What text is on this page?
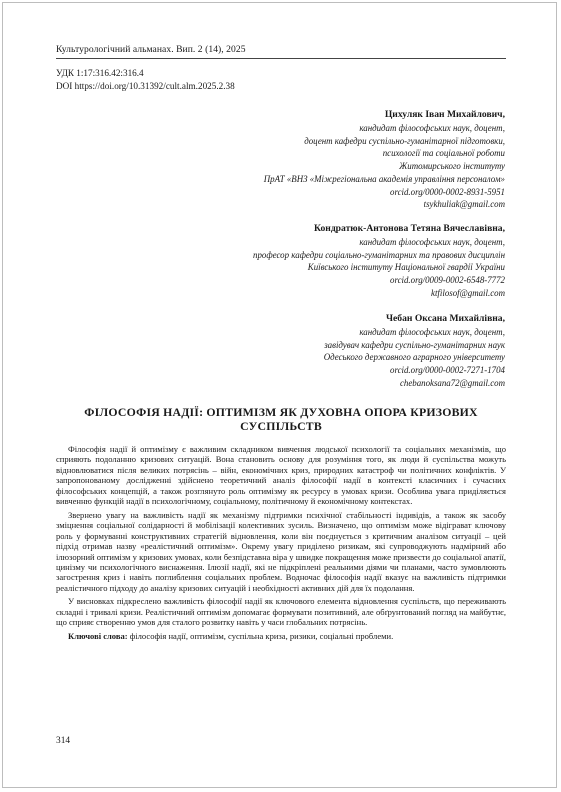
Культурологічний альманах. Вип. 2 (14), 2025
УДК 1:17:316.42:316.4
DOI https://doi.org/10.31392/cult.alm.2025.2.38
Цихуляк Іван Михайлович,
кандидат філософських наук, доцент,
доцент кафедри суспільно-гуманітарної підготовки,
психології та соціальної роботи
Житомирського інституту
ПрАТ «ВНЗ «Міжрегіональна академія управління персоналом»
orcid.org/0000-0002-8931-5951
tsykhuliak@gmail.com
Кондратюк-Антонова Тетяна Вячеславівна,
кандидат філософських наук, доцент,
професор кафедри соціально-гуманітарних та правових дисциплін
Київського інституту Національної гвардії України
orcid.org/0009-0002-6548-7772
ktfilosof@gmail.com
Чебан Оксана Михайлівна,
кандидат філософських наук, доцент,
завідувач кафедри суспільно-гуманітарних наук
Одеського державного аграрного університету
orcid.org/0000-0002-7271-1704
chebanoksana72@gmail.com
ФІЛОСОФІЯ НАДІЇ: ОПТИМІЗМ ЯК ДУХОВНА ОПОРА КРИЗОВИХ
СУСПІЛЬСТВ

Філософія надії й оптимізму є важливим складником вивчення людської психології та соціальних механізмів, що сприяють подоланню кризових ситуацій. Вона становить основу для розуміння того, як люди й суспільства можуть відновлюватися після великих потрясінь – війн, економічних криз, природних катастроф чи політичних конфліктів. У запропонованому дослідженні здійснено теоретичний аналіз філософії надії в контексті класичних і сучасних філософських концепцій, а також розглянуто роль оптимізму як ресурсу в умовах кризи. Особлива увага приділяється вивченню функцій надії в психологічному, соціальному, політичному й економічному контекстах.

Звернено увагу на важливість надії як механізму підтримки психічної стабільності індивідів, а також як засобу зміцнення соціальної солідарності й мобілізації колективних зусиль. Визначено, що оптимізм може відіграват ключову роль у формуванні конструктивних стратегій відновлення, коли він поєднується з критичним аналізом ситуації – цей підхід отримав назву «реалістичний оптимізм». Окрему увагу приділено ризикам, які супроводжують надмірний або ілюзорний оптимізм у кризових умовах, коли безпідставна віра у швидке покращення може призвести до соціальної апатії, цинізму чи психологічного виснаження. Ілюзії надії, які не підкріплені реальними діями чи планами, часто зумовлюють загострення криз і навіть поглиблення соціальних проблем. Водночас філософія надії вказує на важливість підтримки реалістичного підходу до аналізу кризових ситуацій і необхідності активних дій для їх подолання.

У висновках підкреслено важливість філософії надії як ключового елемента відновлення суспільств, що переживають складні і тривалі кризи. Реалістичний оптимізм допомагає формувати позитивний, але обґрунтований погляд на майбутнє, що сприяє створенню умов для сталого розвитку навіть у часи глобальних потрясінь.

Ключові слова: філософія надії, оптимізм, суспільна криза, ризики, соціальні проблеми.

314
